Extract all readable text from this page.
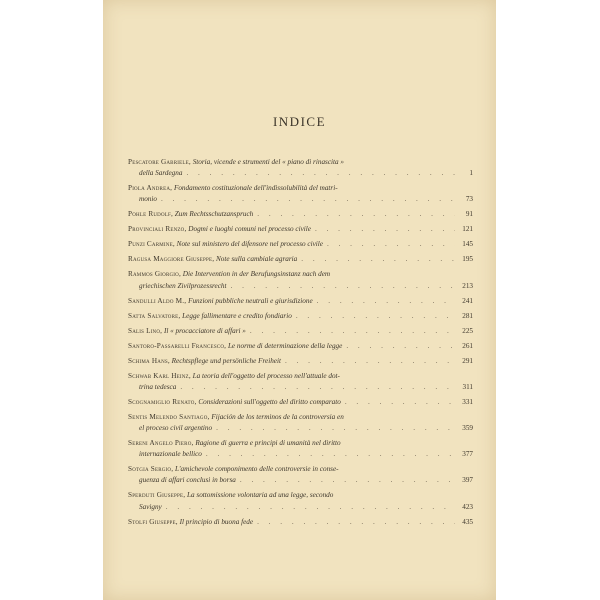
INDICE
Pescatore Gabriele,
Storia, vicende e strumenti del « piano di rinascita »
della Sardegna . . .	1
Piola Andrea,
Fondamento costituzionale dell'indissolubilità del matri-
monio . . .	73
Pohle Rudolf,
Zum Rechtsschutzanspruch . . .	91
Provinciali Renzo,
Dogmi e luoghi comuni nel processo civile . . .	121
Punzi Carmine,
Note sul ministero del difensore nel processo civile . . .	145
Ragusa Maggiore Giuseppe,
Note sulla cambiale agraria . . .	195
Rammos Giorgio,
Die Intervention in der Berufungsinstanz nach dem
griechischen Zivilprozessrecht . . .	213
Sandulli Aldo M.,
Funzioni pubbliche neutrali e giurisdizione . . .	241
Satta Salvatore,
Legge fallimentare e credito fondiario . . .	281
Salis Lino,
Il « procacciatore di affari » . . .	225
Santoro-Passarelli Francesco,
Le norme di determinazione della legge . . .	261
Schima Hans,
Rechtspflege und persönliche Freiheit . . .	291
Schwab Karl Heinz,
La teoria dell'oggetto del processo nell'attuale dot-
trina tedesca . . .	311
Scognamiglio Renato,
Considerazioni sull'oggetto del diritto comparato . . .	331
Sentis Melendo Santiago,
Fijación de los terminos de la controversia en
el proceso civil argentino . . .	359
Sereni Angelo Piero,
Ragione di guerra e principi di umanità nel diritto
internazionale bellico . . .	377
Sotgia Sergio,
L'amichevole componimento delle controversie in conse-
guenza di affari conclusi in borsa . . .	397
Sperduti Giuseppe,
La sottomissione volontaria ad una legge, secondo
Savigny . . .	423
Stolfi Giuseppe,
Il principio di buona fede . . .	435
